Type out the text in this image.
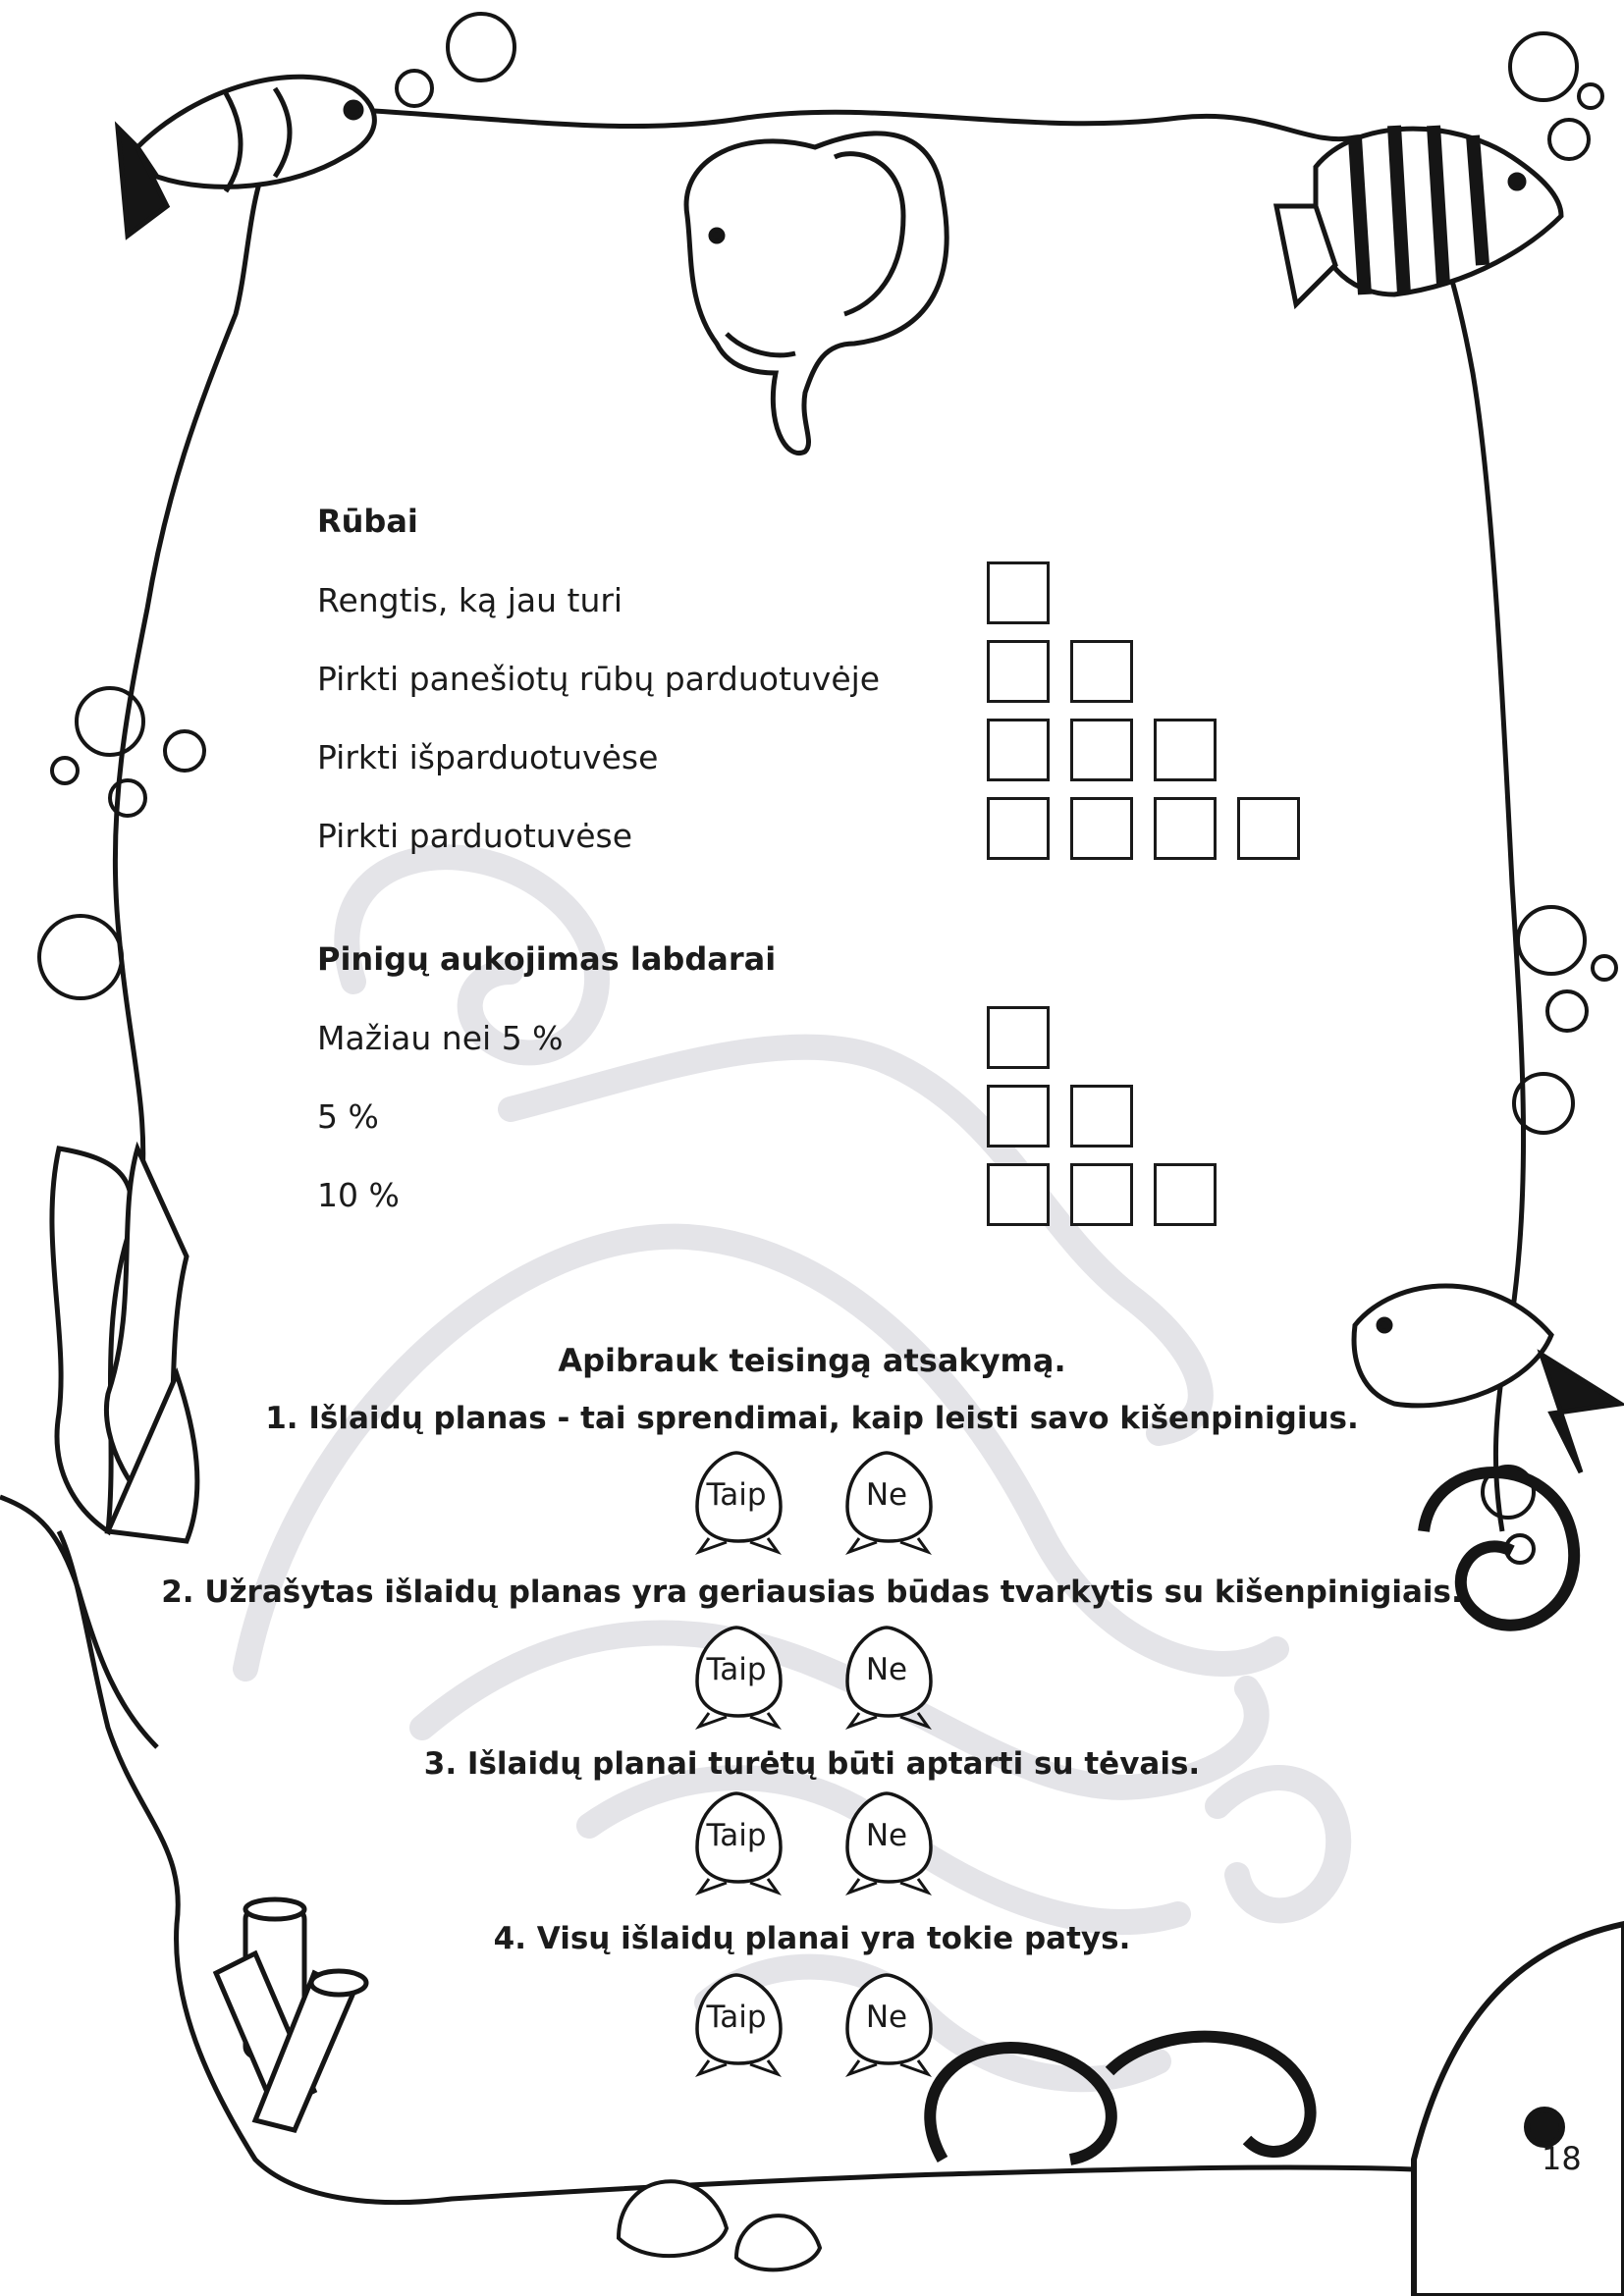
Rūbai
Rengtis, ką jau turi
Pirkti panešiotų rūbų parduotuvėje
Pirkti išparduotuvėse
Pirkti parduotuvėse
Pinigų aukojimas labdarai
Mažiau nei 5 %
5 %
10 %
Apibrauk teisingą atsakymą.
1. Išlaidų planas - tai sprendimai, kaip leisti savo kišenpinigius.
Taip	Ne
2. Užrašytas išlaidų planas yra geriausias būdas tvarkytis su kišenpinigiais.
Taip	Ne
3. Išlaidų planai turėtų būti aptarti su tėvais.
Taip	Ne
4. Visų išlaidų planai yra tokie patys.
Taip	Ne
18
